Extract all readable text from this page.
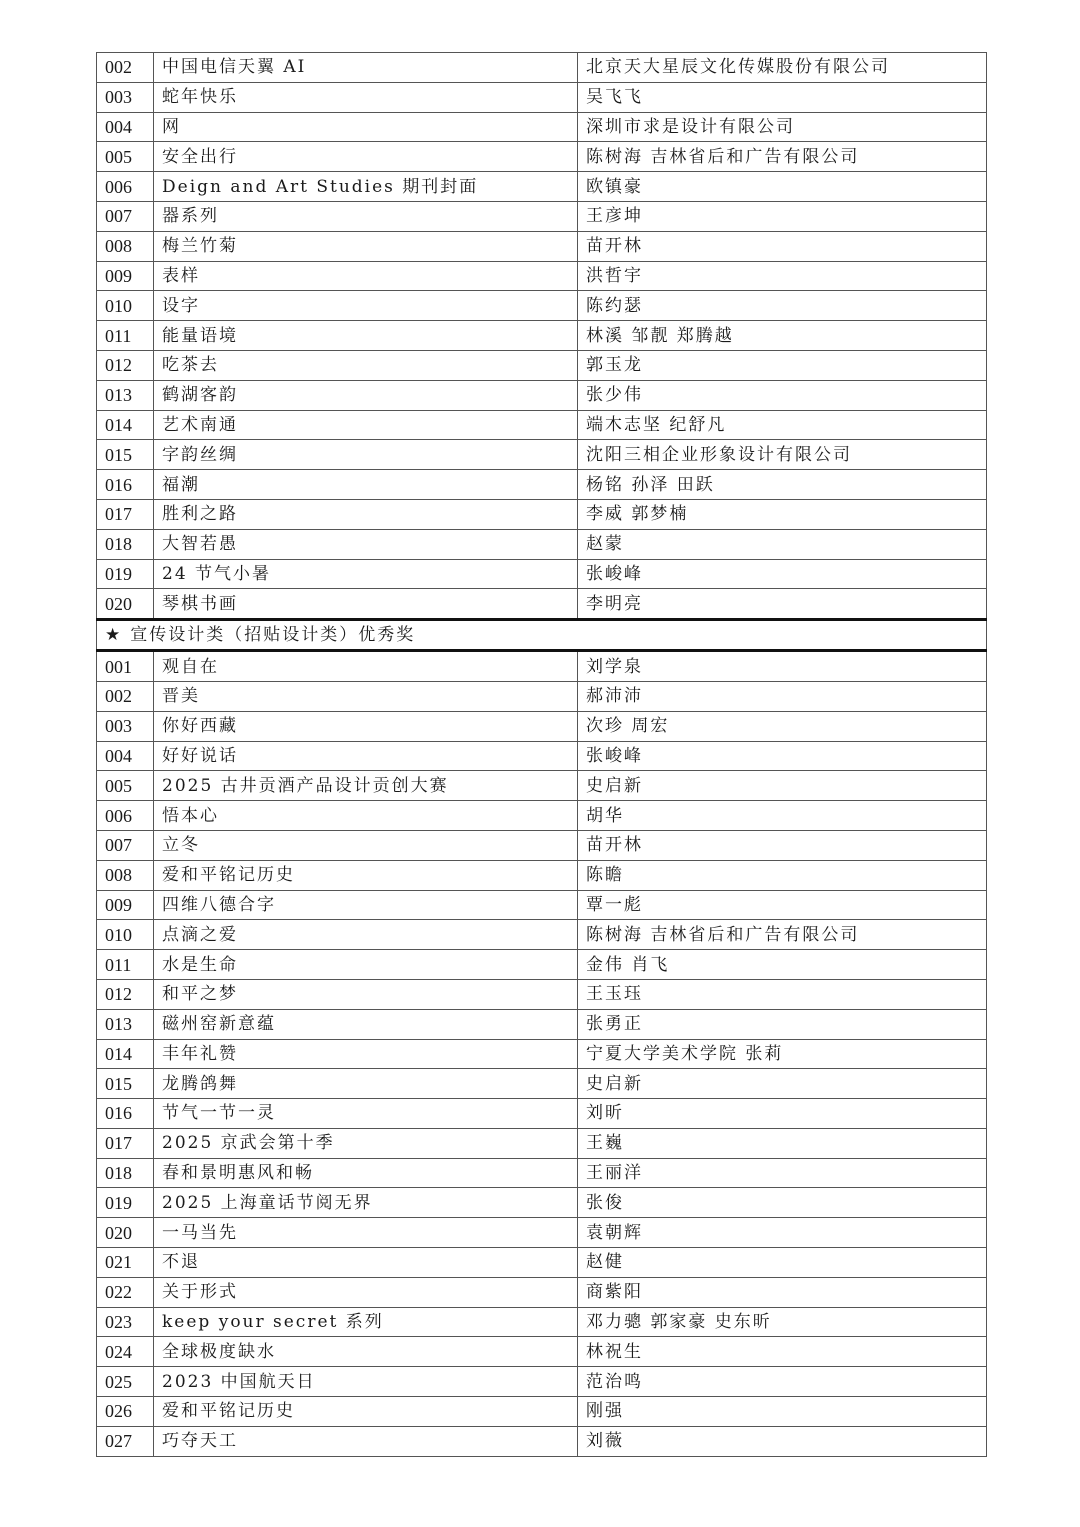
002	中国电信天翼 AI	北京天大星辰文化传媒股份有限公司
003	蛇年快乐	吴飞飞
004	网	深圳市求是设计有限公司
005	安全出行	陈树海 吉林省后和广告有限公司
006	Deign and Art Studies 期刊封面	欧镇豪
007	器系列	王彦坤
008	梅兰竹菊	苗开林
009	表样	洪哲宇
010	设字	陈约瑟
011	能量语境	林溪 邹靓 郑腾越
012	吃茶去	郭玉龙
013	鹤湖客韵	张少伟
014	艺术南通	端木志坚 纪舒凡
015	字韵丝绸	沈阳三相企业形象设计有限公司
016	福潮	杨铭 孙泽 田跃
017	胜利之路	李威 郭梦楠
018	大智若愚	赵蒙
019	24 节气小暑	张峻峰
020	琴棋书画	李明亮
★ 宣传设计类（招贴设计类）优秀奖		
001	观自在	刘学泉
002	晋美	郝沛沛
003	你好西藏	次珍 周宏
004	好好说话	张峻峰
005	2025 古井贡酒产品设计贡创大赛	史启新
006	悟本心	胡华
007	立冬	苗开林
008	爱和平铭记历史	陈瞻
009	四维八德合字	覃一彪
010	点滴之爱	陈树海 吉林省后和广告有限公司
011	水是生命	金伟 肖飞
012	和平之梦	王玉珏
013	磁州窑新意蕴	张勇正
014	丰年礼赞	宁夏大学美术学院 张莉
015	龙腾鸽舞	史启新
016	节气一节一灵	刘昕
017	2025 京武会第十季	王巍
018	春和景明惠风和畅	王丽洋
019	2025 上海童话节阅无界	张俊
020	一马当先	袁朝辉
021	不退	赵健
022	关于形式	商紫阳
023	keep your secret 系列	邓力骢 郭家豪 史东昕
024	全球极度缺水	林祝生
025	2023 中国航天日	范治鸣
026	爱和平铭记历史	刚强
027	巧夺天工	刘薇
